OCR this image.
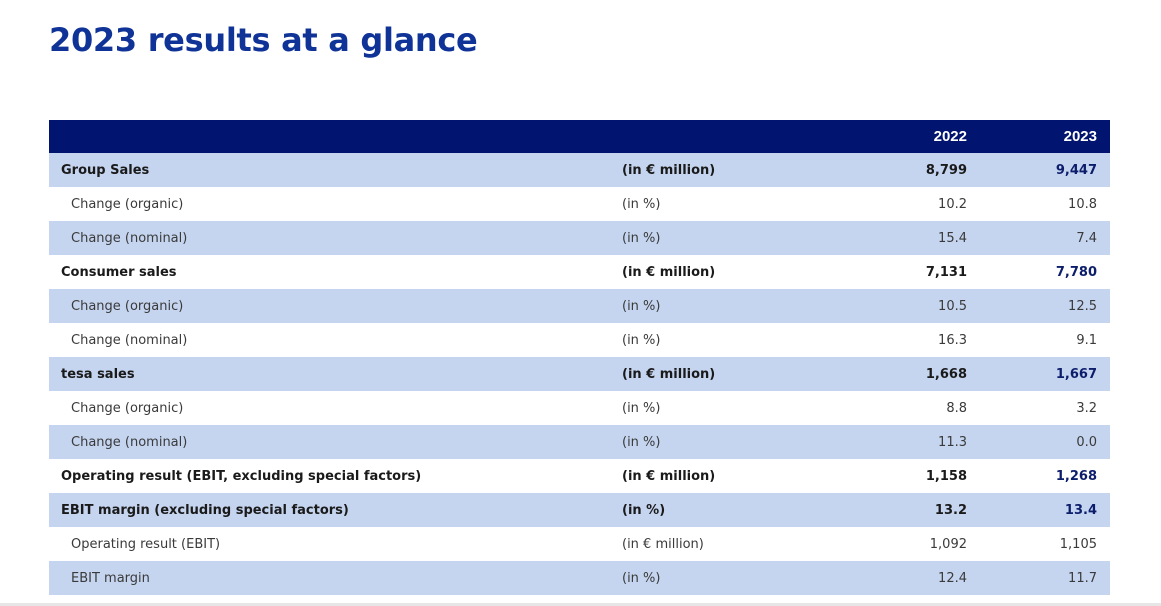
2023 results at a glance
		2022	2023
Group Sales	(in € million)	8,799	9,447
Change (organic)	(in %)	10.2	10.8
Change (nominal)	(in %)	15.4	7.4
Consumer sales	(in € million)	7,131	7,780
Change (organic)	(in %)	10.5	12.5
Change (nominal)	(in %)	16.3	9.1
tesa sales	(in € million)	1,668	1,667
Change (organic)	(in %)	8.8	3.2
Change (nominal)	(in %)	11.3	0.0
Operating result (EBIT, excluding special factors)	(in € million)	1,158	1,268
EBIT margin (excluding special factors)	(in %)	13.2	13.4
Operating result (EBIT)	(in € million)	1,092	1,105
EBIT margin	(in %)	12.4	11.7
